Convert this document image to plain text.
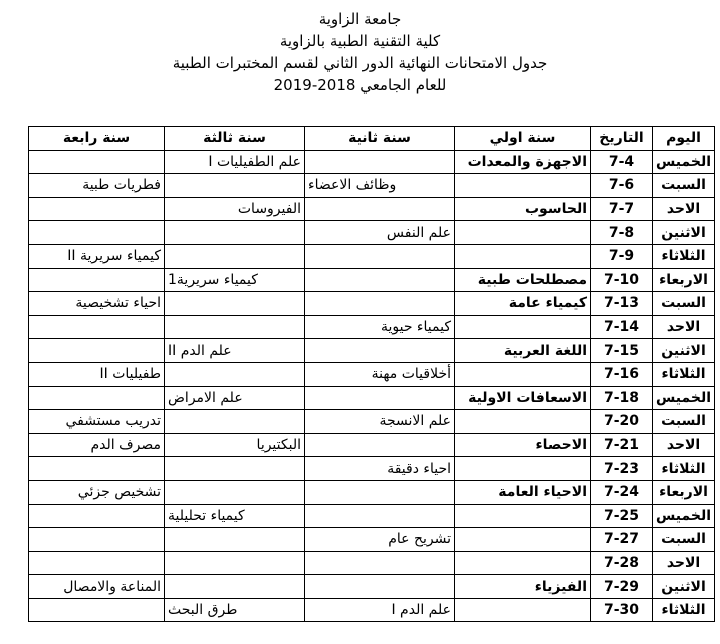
جامعة الزاوية
كلية التقنية الطبية بالزاوية
جدول الامتحانات النهائية الدور الثاني لقسم المختبرات الطبية
للعام الجامعي 2018-2019
اليوم	التاريخ	سنة اولي	سنة ثانية	سنة ثالثة	سنة رابعة
الخميس	7-4	الاجهزة والمعدات		علم الطفيليات I	
السبت	7-6		وظائف الاعضاء		فطريات طبية
الاحد	7-7	الحاسوب		الفيروسات	
الاثنين	7-8		علم النفس		
الثلاثاء	7-9				كيمياء سريرية II
الاربعاء	7-10	مصطلحات طبية		كيمياء سريرية1	
السبت	7-13	كيمياء عامة			احياء تشخيصية
الاحد	7-14		كيمياء حيوية		
الاثنين	7-15	اللغة العربية		علم الدم II	
الثلاثاء	7-16		أخلاقيات مهنة		طفيليات II
الخميس	7-18	الاسعافات الاولية		علم الامراض	
السبت	7-20		علم الانسجة		تدريب مستشفي
الاحد	7-21	الاحصاء		البكتيريا	مصرف الدم
الثلاثاء	7-23		احياء دقيقة		
الاربعاء	7-24	الاحياء العامة			تشخيص جزئي
الخميس	7-25			كيمياء تحليلية	
السبت	7-27		تشريح عام		
الاحد	7-28				
الاثنين	7-29	الفيزياء			المناعة والامصال
الثلاثاء	7-30		علم الدم I	طرق البحث	
